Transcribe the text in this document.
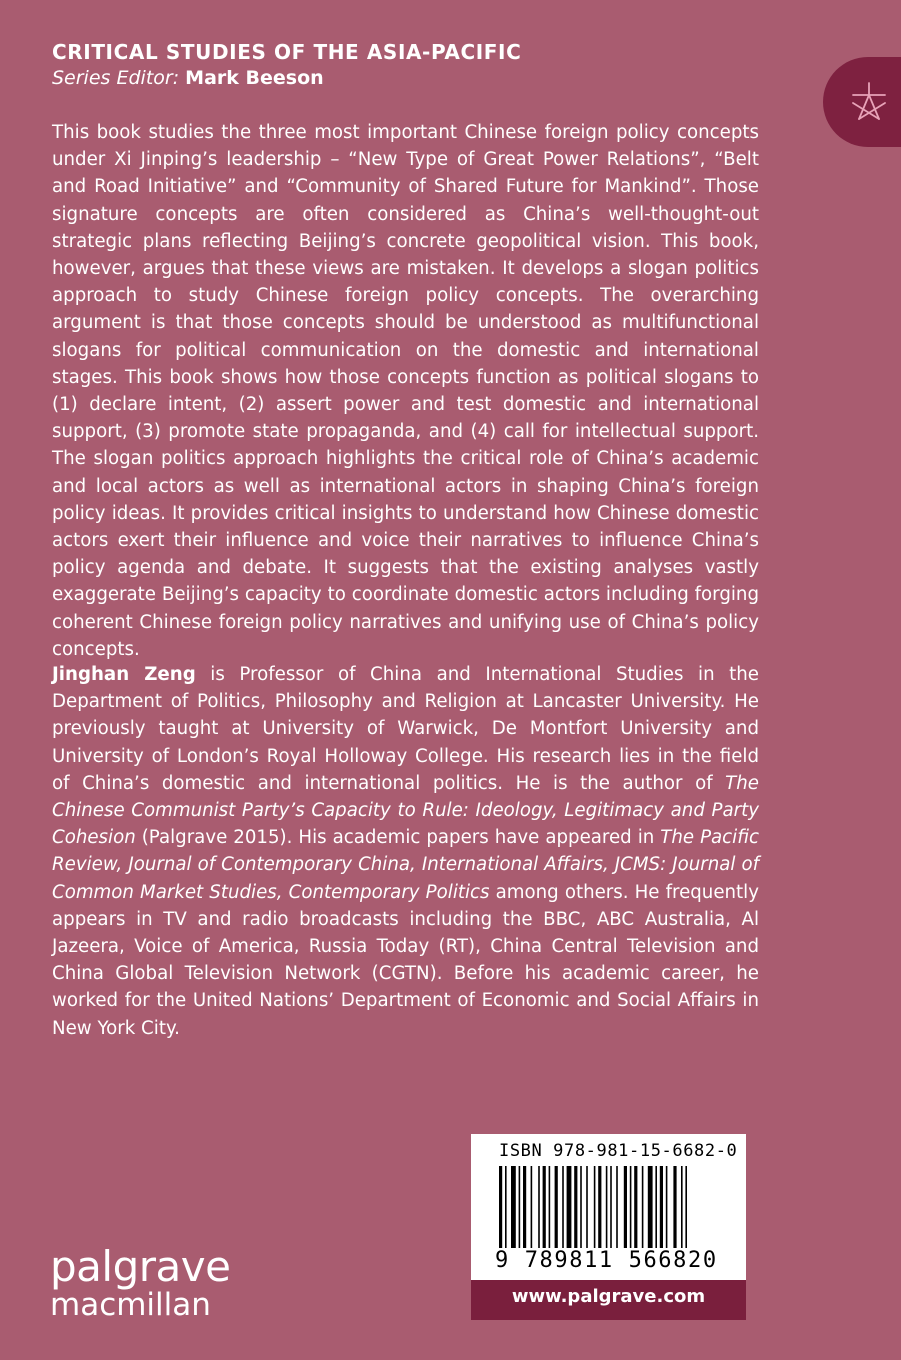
CRITICAL STUDIES OF THE ASIA-PACIFIC
Series Editor: Mark Beeson

This book studies the three most important Chinese foreign policy concepts under Xi Jinping’s leadership – “New Type of Great Power Relations”, “Belt and Road Initiative” and “Community of Shared Future for Mankind”. Those signature concepts are often considered as China’s well-thought-out strategic plans reflecting Beijing’s concrete geopolitical vision. This book, however, argues that these views are mistaken. It develops a slogan politics approach to study Chinese foreign policy concepts. The overarching argument is that those concepts should be understood as multifunctional slogans for political communication on the domestic and international stages. This book shows how those concepts function as political slogans to (1) declare intent, (2) assert power and test domestic and international support, (3) promote state propaganda, and (4) call for intellectual support. The slogan politics approach highlights the critical role of China’s academic and local actors as well as international actors in shaping China’s foreign policy ideas. It provides critical insights to understand how Chinese domestic actors exert their influence and voice their narratives to influence China’s policy agenda and debate. It suggests that the existing analyses vastly exaggerate Beijing’s capacity to coordinate domestic actors including forging coherent Chinese foreign policy narratives and unifying use of China’s policy concepts.

Jinghan Zeng is Professor of China and International Studies in the Department of Politics, Philosophy and Religion at Lancaster University. He previously taught at University of Warwick, De Montfort University and University of London’s Royal Holloway College. His research lies in the field of China’s domestic and international politics. He is the author of The Chinese Communist Party’s Capacity to Rule: Ideology, Legitimacy and Party Cohesion (Palgrave 2015). His academic papers have appeared in The Pacific Review, Journal of Contemporary China, International Affairs, JCMS: Journal of Common Market Studies, Contemporary Politics among others. He frequently appears in TV and radio broadcasts including the BBC, ABC Australia, Al Jazeera, Voice of America, Russia Today (RT), China Central Television and China Global Television Network (CGTN). Before his academic career, he worked for the United Nations’ Department of Economic and Social Affairs in New York City.

palgrave
macmillan
ISBN 978-981-15-6682-0
9 789811 566820
www.palgrave.com
